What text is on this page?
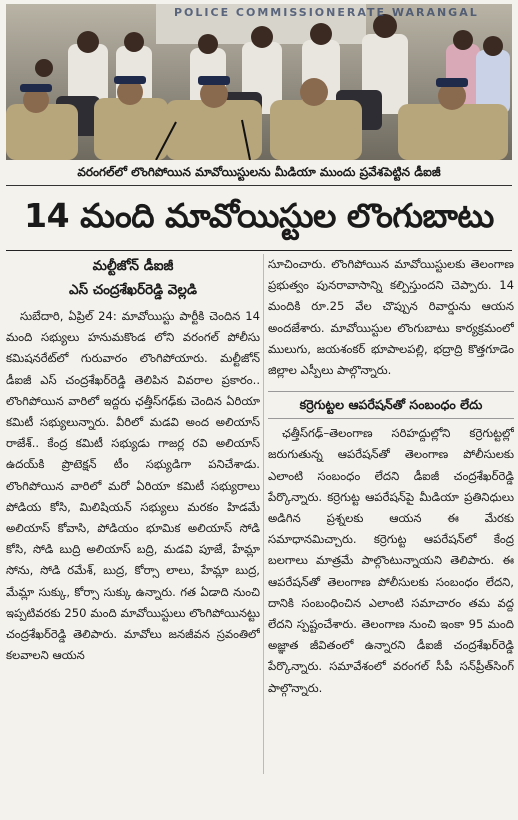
POLICE COMMISSIONERATE WARANGAL
వరంగల్‌లో లొంగిపోయిన మావోయిస్టులను మీడియా ముందు ప్రవేశపెట్టిన డీఐజీ
14 మంది మావోయిస్టుల లొంగుబాటు
మల్టీజోన్ డీఐజీ
ఎస్ చంద్రశేఖర్‌రెడ్డి వెల్లడి

సుబేదారి, ఏప్రిల్ 24: మావోయిస్టు పార్టీకి చెందిన 14 మంది సభ్యులు హనుమకొండ లోని వరంగల్ పోలీసు కమిషనరేట్‌లో గురువారం లొంగిపోయారు. మల్టీజోన్ డీఐజీ ఎస్ చంద్రశేఖర్‌రెడ్డి తెలిపిన వివరాల ప్రకారం.. లొంగిపోయిన వారిలో ఇద్దరు ఛత్తీస్‌గఢ్‌కు చెందిన ఏరియా కమిటీ సభ్యులున్నారు. వీరిలో మడవి అంద అలియాస్ రాజేశ్.. కేంద్ర కమిటీ సభ్యుడు గాజర్ల రవి అలియాస్ ఉదయ్‌కి ప్రొటెక్షన్ టీం సభ్యుడిగా పనిచేశాడు. లొంగిపోయిన వారిలో మరో ఏరియా కమిటీ సభ్యురాలు పోడియ కోసి, మిలిషియన్ సభ్యులు మరకం హిడమే అలియాస్ కోవాసి, పోడియం భూమిక అలియాస్ సోడి కోసి, సోడి బుద్రి అలియాస్ బద్రి, మడవి పూజే, హేమ్లా సోను, సోడి రమేశ్, బుద్ర, కోర్సా లాలు, హేమ్లా బుద్ర, మేమ్లా సుక్కు, కోర్సా సుక్కు ఉన్నారు. గత ఏడాది నుంచి ఇప్పటివరకు 250 మంది మావోయిస్టులు లొంగిపోయినట్టు చంద్రశేఖర్‌రెడ్డి తెలిపారు. మావోలు జనజీవన స్రవంతిలో కలవాలని ఆయన

సూచించారు. లొంగిపోయిన మావోయిస్టులకు తెలంగాణ ప్రభుత్వం పునరావాసాన్ని కల్పిస్తుందని చెప్పారు. 14 మందికి రూ.25 వేల చొప్పున రివార్డును ఆయన అందజేశారు. మావోయిస్టుల లొంగుబాటు కార్యక్రమంలో ములుగు, జయశంకర్ భూపాలపల్లి, భద్రాద్రి కొత్తగూడెం జిల్లాల ఎస్పీలు పాల్గొన్నారు.

కర్రెగుట్టల ఆపరేషన్‌తో సంబంధం లేదు

ఛత్తీస్‌గఢ్–తెలంగాణ సరిహద్దుల్లోని కర్రెగుట్టల్లో జరుగుతున్న ఆపరేషన్‌తో తెలంగాణ పోలీసులకు ఎలాంటి సంబంధం లేదని డీఐజీ చంద్రశేఖర్‌రెడ్డి పేర్కొన్నారు. కర్రెగుట్ట ఆపరేషన్‌పై మీడియా ప్రతినిధులు అడిగిన ప్రశ్నలకు ఆయన ఈ మేరకు సమాధానమిచ్చారు. కర్రెగుట్ట ఆపరేషన్‌లో కేంద్ర బలగాలు మాత్రమే పాల్గొంటున్నాయని తెలిపారు. ఈ ఆపరేషన్‌తో తెలంగాణ పోలీసులకు సంబంధం లేదని, దానికి సంబంధించిన ఎలాంటి సమాచారం తమ వద్ద లేదని స్పష్టంచేశారు. తెలంగాణ నుంచి ఇంకా 95 మంది అజ్ఞాత జీవితంలో ఉన్నారని డీఐజీ చంద్రశేఖర్‌రెడ్డి పేర్కొన్నారు. సమావేశంలో వరంగల్ సీపీ సన్‌ప్రీత్‌సింగ్ పాల్గొన్నారు.
